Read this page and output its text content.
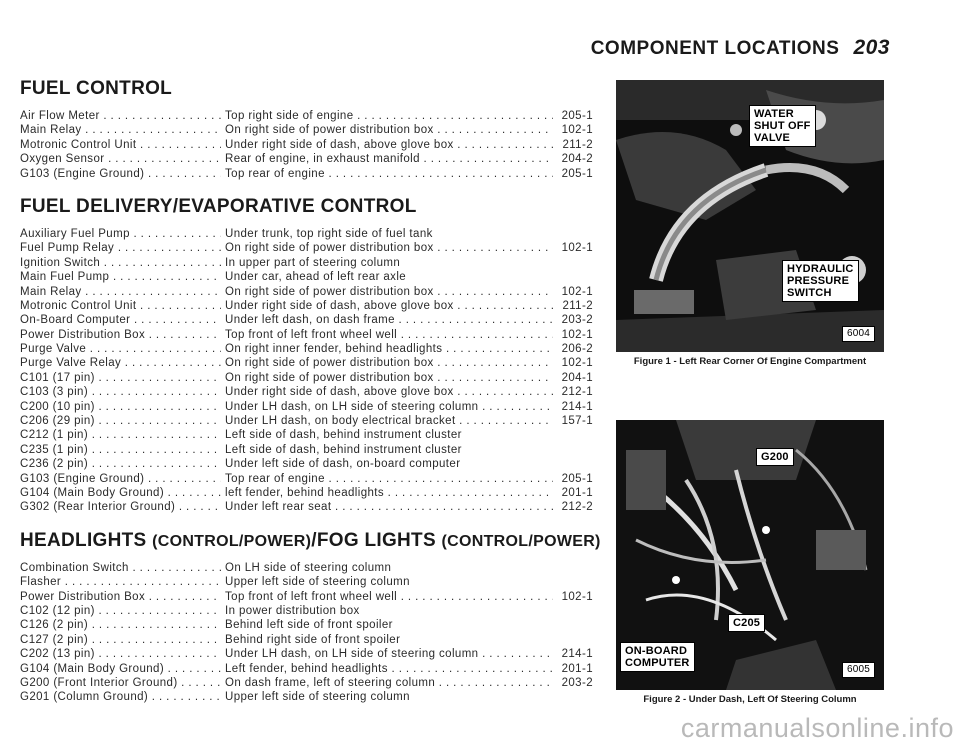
COMPONENT LOCATIONS 203
FUEL CONTROL
Air Flow Meter . . .	Top right side of engine . . .	205-1
Main Relay . . .	On right side of power distribution box . . .	102-1
Motronic Control Unit . . .	Under right side of dash, above glove box . . .	211-2
Oxygen Sensor . . .	Rear of engine, in exhaust manifold . . .	204-2
G103 (Engine Ground) . . .	Top rear of engine . . .	205-1
FUEL DELIVERY/EVAPORATIVE CONTROL
Auxiliary Fuel Pump . . .	Under trunk, top right side of fuel tank
Fuel Pump Relay . . .	On right side of power distribution box . . .	102-1
Ignition Switch . . .	In upper part of steering column
Main Fuel Pump . . .	Under car, ahead of left rear axle
Main Relay . . .	On right side of power distribution box . . .	102-1
Motronic Control Unit . . .	Under right side of dash, above glove box . . .	211-2
On-Board Computer . . .	Under left dash, on dash frame . . .	203-2
Power Distribution Box . . .	Top front of left front wheel well . . .	102-1
Purge Valve . . .	On right inner fender, behind headlights . . .	206-2
Purge Valve Relay . . .	On right side of power distribution box . . .	102-1
C101 (17 pin) . . .	On right side of power distribution box . . .	204-1
C103 (3 pin) . . .	Under right side of dash, above glove box . . .	212-1
C200 (10 pin) . . .	Under LH dash, on LH side of steering column . . .	214-1
C206 (29 pin) . . .	Under LH dash, on body electrical bracket . . .	157-1
C212 (1 pin) . . .	Left side of dash, behind instrument cluster
C235 (1 pin) . . .	Left side of dash, behind instrument cluster
C236 (2 pin) . . .	Under left side of dash, on-board computer
G103 (Engine Ground) . . .	Top rear of engine . . .	205-1
G104 (Main Body Ground) . . .	left fender, behind headlights . . .	201-1
G302 (Rear Interior Ground) . . .	Under left rear seat . . .	212-2
HEADLIGHTS (CONTROL/POWER)/FOG LIGHTS (CONTROL/POWER)
Combination Switch . . .	On LH side of steering column
Flasher . . .	Upper left side of steering column
Power Distribution Box . . .	Top front of left front wheel well . . .	102-1
C102 (12 pin) . . .	In power distribution box
C126 (2 pin) . . .	Behind left side of front spoiler
C127 (2 pin) . . .	Behind right side of front spoiler
C202 (13 pin) . . .	Under LH dash, on LH side of steering column . . .	214-1
G104 (Main Body Ground) . . .	Left fender, behind headlights . . .	201-1
G200 (Front Interior Ground) . . .	On dash frame, left of steering column . . .	203-2
G201 (Column Ground) . . .	Upper left side of steering column
WATER
SHUT OFF
VALVE
HYDRAULIC
PRESSURE
SWITCH
6004
Figure 1 - Left Rear Corner Of Engine Compartment
G200
C205
ON-BOARD
COMPUTER
6005
Figure 2 - Under Dash, Left Of Steering Column
carmanualsonline.info
